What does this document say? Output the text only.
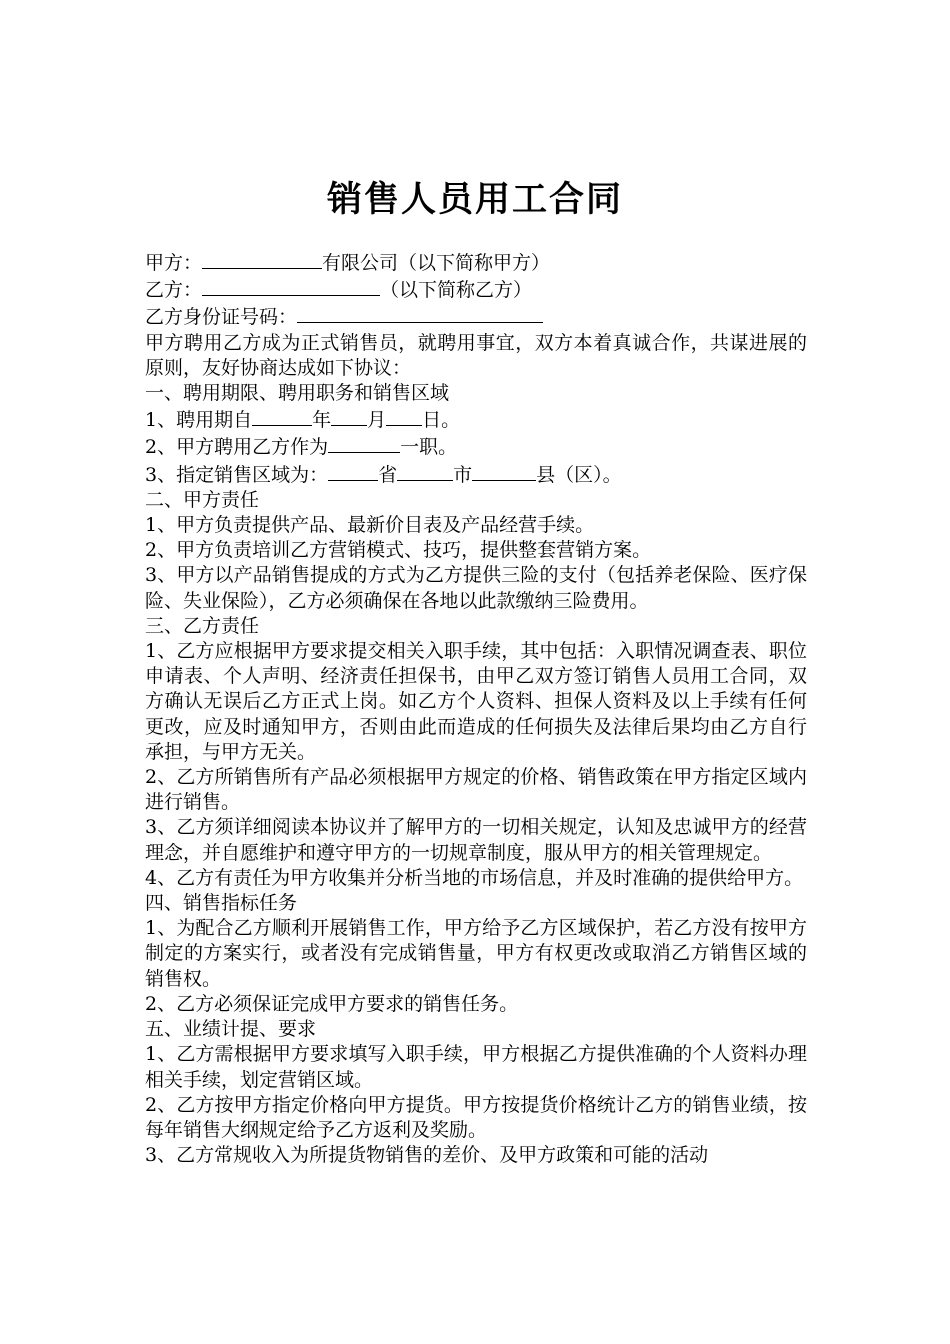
销售人员用工合同

甲方：	有限公司（以下简称甲方）

乙方：	（以下简称乙方）

乙方身份证号码：

甲方聘用乙方成为正式销售员，就聘用事宜，双方本着真诚合作，共谋进展的原则，友好协商达成如下协议：

一、聘用期限、聘用职务和销售区域

1、聘用期自	年 月 日。

2、甲方聘用乙方作为	一职。

3、指定销售区域为：	省	市	县（区）。

二、甲方责任

1、甲方负责提供产品、最新价目表及产品经营手续。

2、甲方负责培训乙方营销模式、技巧，提供整套营销方案。

3、甲方以产品销售提成的方式为乙方提供三险的支付（包括养老保险、医疗保险、失业保险），乙方必须确保在各地以此款缴纳三险费用。

三、乙方责任

1、乙方应根据甲方要求提交相关入职手续，其中包括：入职情况调查表、职位申请表、个人声明、经济责任担保书，由甲乙双方签订销售人员用工合同，双方确认无误后乙方正式上岗。如乙方个人资料、担保人资料及以上手续有任何更改，应及时通知甲方，否则由此而造成的任何损失及法律后果均由乙方自行承担，与甲方无关。

2、乙方所销售所有产品必须根据甲方规定的价格、销售政策在甲方指定区域内进行销售。

3、乙方须详细阅读本协议并了解甲方的一切相关规定，认知及忠诚甲方的经营理念，并自愿维护和遵守甲方的一切规章制度，服从甲方的相关管理规定。

4、乙方有责任为甲方收集并分析当地的市场信息，并及时准确的提供给甲方。

四、销售指标任务

1、为配合乙方顺利开展销售工作，甲方给予乙方区域保护，若乙方没有按甲方制定的方案实行，或者没有完成销售量，甲方有权更改或取消乙方销售区域的销售权。

2、乙方必须保证完成甲方要求的销售任务。

五、业绩计提、要求

1、乙方需根据甲方要求填写入职手续，甲方根据乙方提供准确的个人资料办理相关手续，划定营销区域。

2、乙方按甲方指定价格向甲方提货。甲方按提货价格统计乙方的销售业绩，按每年销售大纲规定给予乙方返利及奖励。

3、乙方常规收入为所提货物销售的差价、及甲方政策和可能的活动
